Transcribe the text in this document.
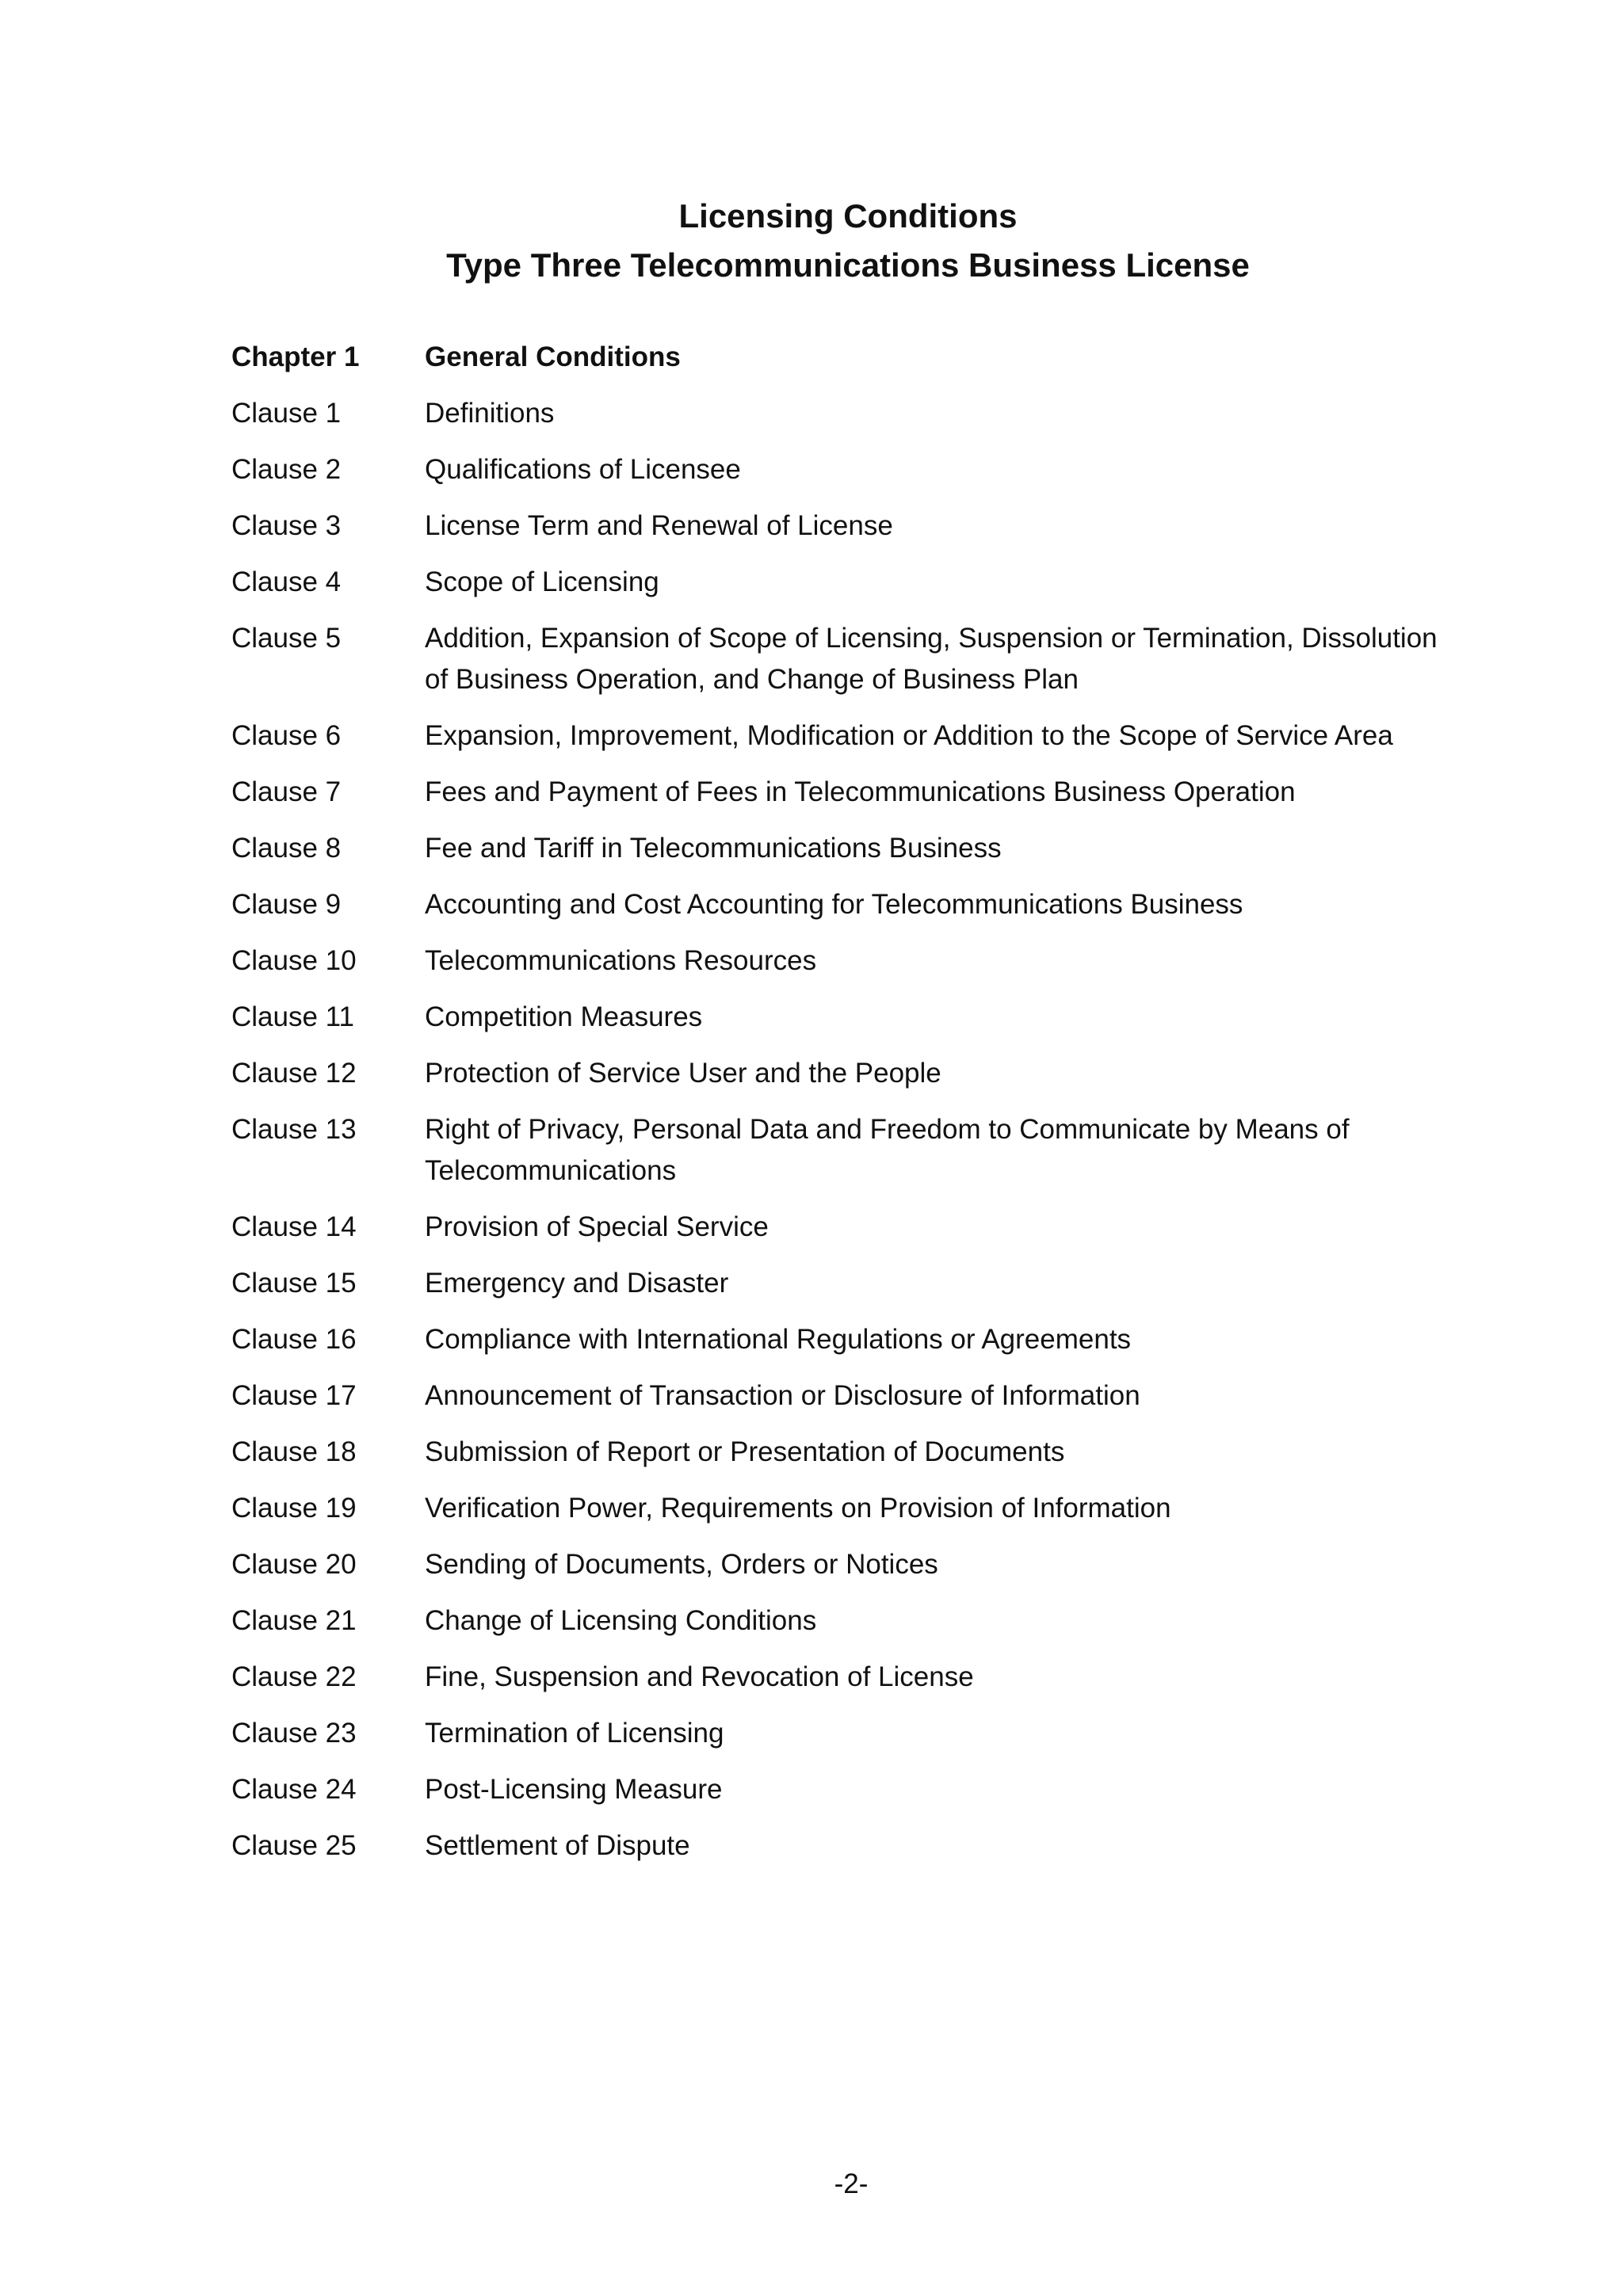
Licensing Conditions
Type Three Telecommunications Business License
Chapter 1	General Conditions
Clause 1	Definitions
Clause 2	Qualifications of Licensee
Clause 3	License Term and Renewal of License
Clause 4	Scope of Licensing
Clause 5	Addition, Expansion of Scope of Licensing, Suspension or Termination, Dissolution of Business Operation, and Change of Business Plan
Clause 6	Expansion, Improvement, Modification or Addition to the Scope of Service Area
Clause 7	Fees and Payment of Fees in Telecommunications Business Operation
Clause 8	Fee and Tariff in Telecommunications Business
Clause 9	Accounting and Cost Accounting for Telecommunications Business
Clause 10	Telecommunications Resources
Clause 11	Competition Measures
Clause 12	Protection of Service User and the People
Clause 13	Right of Privacy, Personal Data and Freedom to Communicate by Means of Telecommunications
Clause 14	Provision of Special Service
Clause 15	Emergency and Disaster
Clause 16	Compliance with International Regulations or Agreements
Clause 17	Announcement of Transaction or Disclosure of Information
Clause 18	Submission of Report or Presentation of Documents
Clause 19	Verification Power, Requirements on Provision of Information
Clause 20	Sending of Documents, Orders or Notices
Clause 21	Change of Licensing Conditions
Clause 22	Fine, Suspension and Revocation of License
Clause 23	Termination of Licensing
Clause 24	Post-Licensing Measure
Clause 25	Settlement of Dispute
-2-
